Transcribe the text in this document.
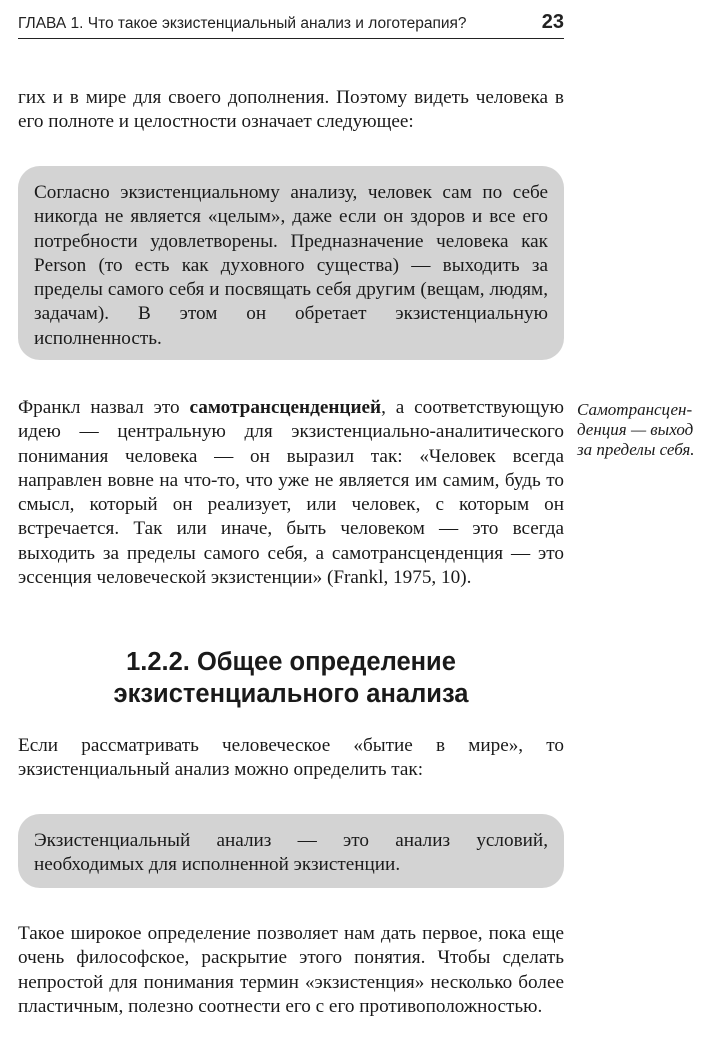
ГЛАВА 1. Что такое экзистенциальный анализ и логотерапия?	23

гих и в мире для своего дополнения. Поэтому видеть человека в его полноте и целостности означает следующее:

Согласно экзистенциальному анализу, человек сам по себе никогда не является «целым», даже если он здоров и все его потребности удовлетворены. Предназначение человека как Person (то есть как духовного существа) — выходить за пределы самого себя и посвящать себя другим (вещам, людям, задачам). В этом он обретает экзистенциальную исполненность.

Франкл назвал это самотрансценденцией, а соответствующую идею — центральную для экзистенциально-аналитического понимания человека — он выразил так: «Человек всегда направлен вовне на что-то, что уже не является им самим, будь то смысл, который он реализует, или человек, с которым он встречается. Так или иначе, быть человеком — это всегда выходить за пределы самого себя, а самотрансценденция — это эссенция человеческой экзистенции» (Frankl, 1975, 10).

Самотрансцен-
денция — выход
за пределы себя.
1.2.2. Общее определение
экзистенциального анализа

Если рассматривать человеческое «бытие в мире», то экзистенциальный анализ можно определить так:

Экзистенциальный анализ — это анализ условий, необходимых для исполненной экзистенции.

Такое широкое определение позволяет нам дать первое, пока еще очень философское, раскрытие этого понятия. Чтобы сделать непростой для понимания термин «экзистенция» несколько более пластичным, полезно соотнести его с его противоположностью.
